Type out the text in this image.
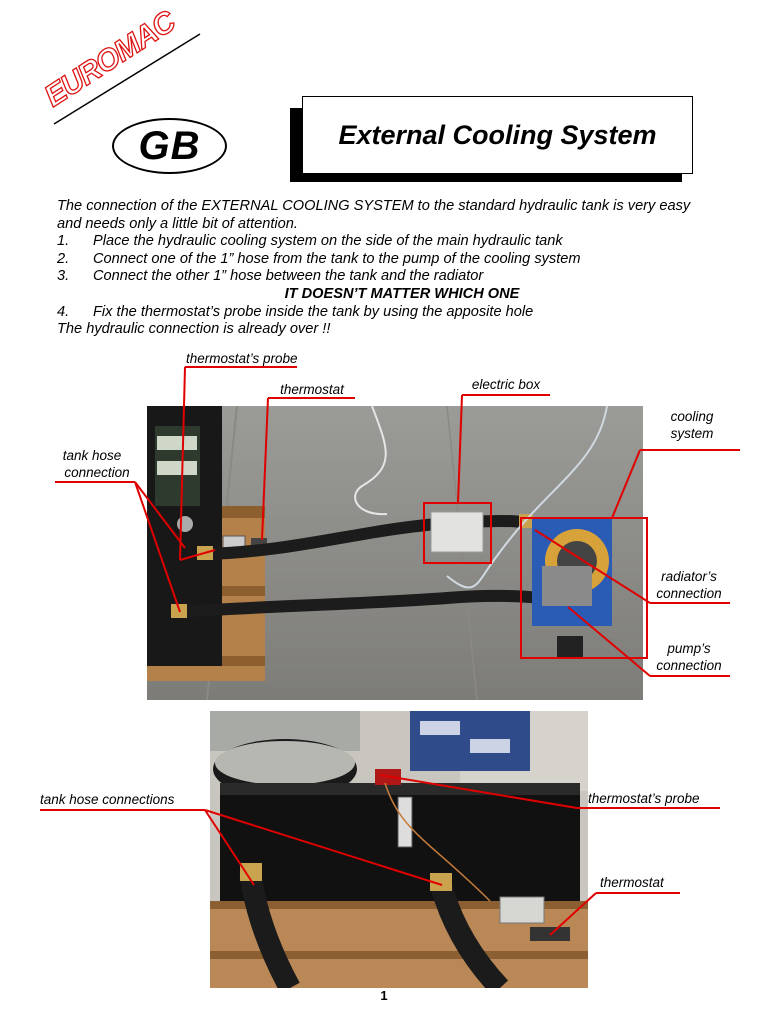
EUROMAC
GB	External Cooling System

The connection of the EXTERNAL COOLING SYSTEM to the standard hydraulic tank is very easy

and needs only a little bit of attention.

1.	Place the hydraulic cooling system on the side of the main hydraulic tank
2.	Connect one of the 1” hose from the tank to the pump of the cooling system
3.	Connect the other 1” hose between the tank and the radiator

IT DOESN’T MATTER WHICH ONE

4.	Fix the thermostat’s probe inside the tank by using the apposite hole

The hydraulic connection is already over !!

thermostat’s probe
thermostat	electric box
cooling
system
tank hose
connection
radiator’s
connection
pump’s
connection
tank hose connections	thermostat’s probe
thermostat
1
